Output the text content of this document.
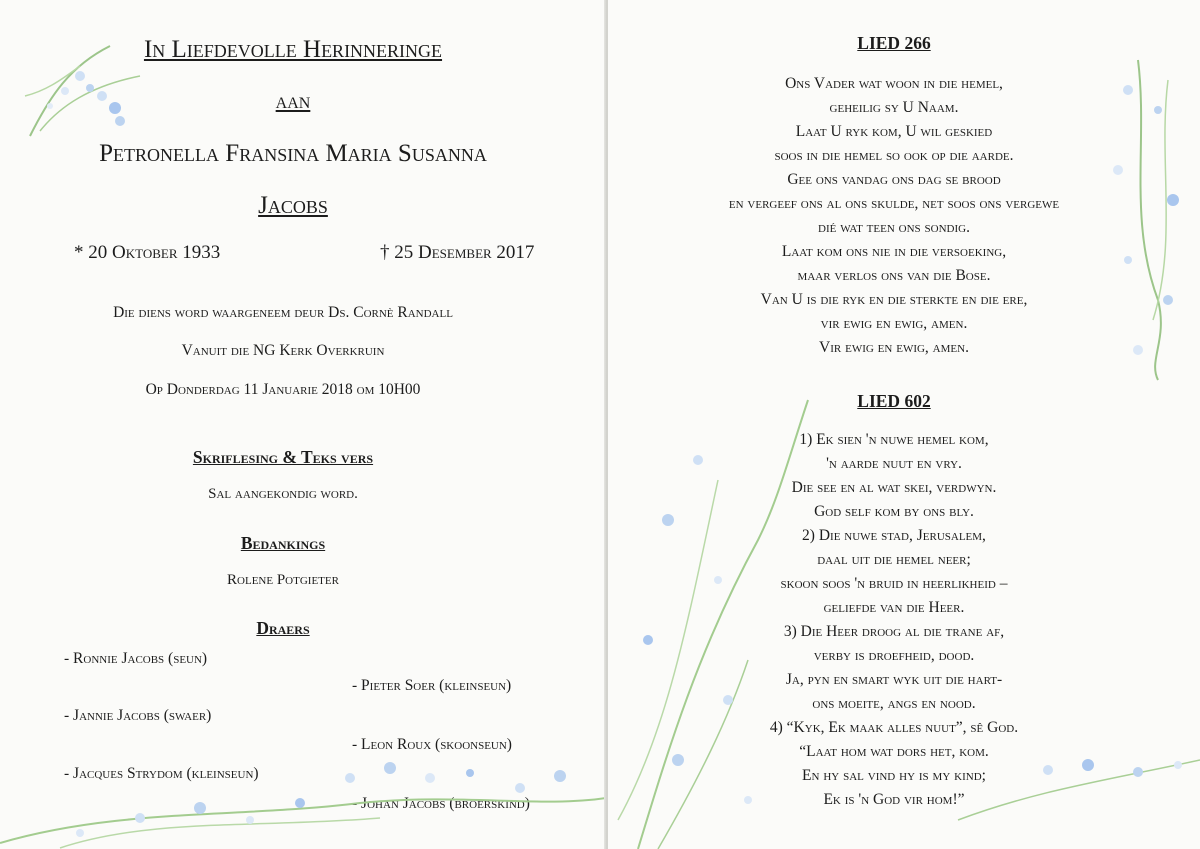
In Liefdevolle Herinneringe
aan
Petronella Fransina Maria Susanna
Jacobs
* 20 Oktober 1933	† 25 Desember 2017
Die diens word waargeneem deur Ds. Cornè Randall
Vanuit die NG Kerk Overkruin
Op Donderdag 11 Januarie 2018 om 10H00
Skriflesing & Teks vers
Sal aangekondig word.
Bedankings
Rolene Potgieter
Draers
- Ronnie Jacobs (seun)
- Pieter Soer (kleinseun)
- Jannie Jacobs (swaer)
- Leon Roux (skoonseun)
- Jacques Strydom (kleinseun)
- Johan Jacobs (broerskind)
LIED 266
Ons Vader wat woon in die hemel,
geheilig sy U Naam.
Laat U ryk kom, U wil geskied
soos in die hemel so ook op die aarde.
Gee ons vandag ons dag se brood
en vergeef ons al ons skulde, net soos ons vergewe
dié wat teen ons sondig.
Laat kom ons nie in die versoeking,
maar verlos ons van die Bose.
Van U is die ryk en die sterkte en die ere,
vir ewig en ewig, amen.
Vir ewig en ewig, amen.
LIED 602
1) Ek sien 'n nuwe hemel kom,
'n aarde nuut en vry.
Die see en al wat skei, verdwyn.
God self kom by ons bly.
2) Die nuwe stad, Jerusalem,
daal uit die hemel neer;
skoon soos 'n bruid in heerlikheid –
geliefde van die Heer.
3) Die Heer droog al die trane af,
verby is droefheid, dood.
Ja, pyn en smart wyk uit die hart-
ons moeite, angs en nood.
4) “Kyk, Ek maak alles nuut”, sê God.
“Laat hom wat dors het, kom.
En hy sal vind hy is my kind;
Ek is 'n God vir hom!”
